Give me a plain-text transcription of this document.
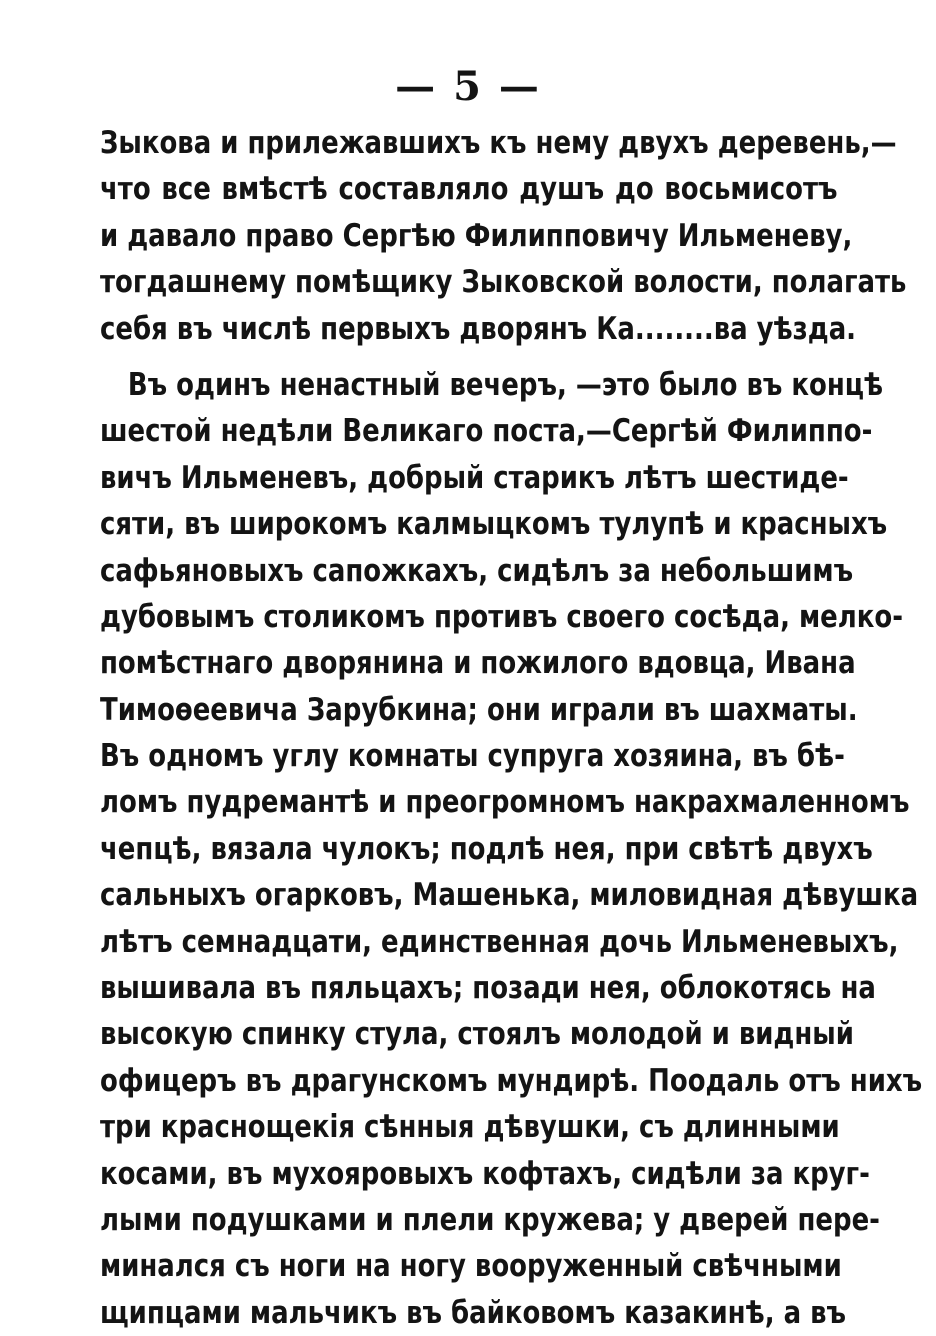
— 5 —
Зыкова и прилежавшихъ къ нему двухъ деревень,—
что все вмѣстѣ составляло душъ до восьмисотъ
и давало право Сергѣю Филипповичу Ильменеву,
тогдашнему помѣщику Зыковской волости, полагать
себя въ числѣ первыхъ дворянъ Ка........ва уѣзда.
Въ одинъ ненастный вечеръ, —это было въ концѣ
шестой недѣли Великаго поста,—Сергѣй Филиппо-
вичъ Ильменевъ, добрый старикъ лѣтъ шестиде-
сяти, въ широкомъ калмыцкомъ тулупѣ и красныхъ
сафьяновыхъ сапожкахъ, сидѣлъ за небольшимъ
дубовымъ столикомъ противъ своего сосѣда, мелко-
помѣстнаго дворянина и пожилого вдовца, Ивана
Тимоѳеевича Зарубкина; они играли въ шахматы.
Въ одномъ углу комнаты супруга хозяина, въ бѣ-
ломъ пудремантѣ и преогромномъ накрахмаленномъ
чепцѣ, вязала чулокъ; подлѣ нея, при свѣтѣ двухъ
сальныхъ огарковъ, Машенька, миловидная дѣвушка
лѣтъ семнадцати, единственная дочь Ильменевыхъ,
вышивала въ пяльцахъ; позади нея, облокотясь на
высокую спинку стула, стоялъ молодой и видный
офицеръ въ драгунскомъ мундирѣ. Поодаль отъ нихъ
три краснощекія сѣнныя дѣвушки, съ длинными
косами, въ мухояровыхъ кофтахъ, сидѣли за круг-
лыми подушками и плели кружева; у дверей пере-
минался съ ноги на ногу вооруженный свѣчными
щипцами мальчикъ въ байковомъ казакинѣ, а въ
